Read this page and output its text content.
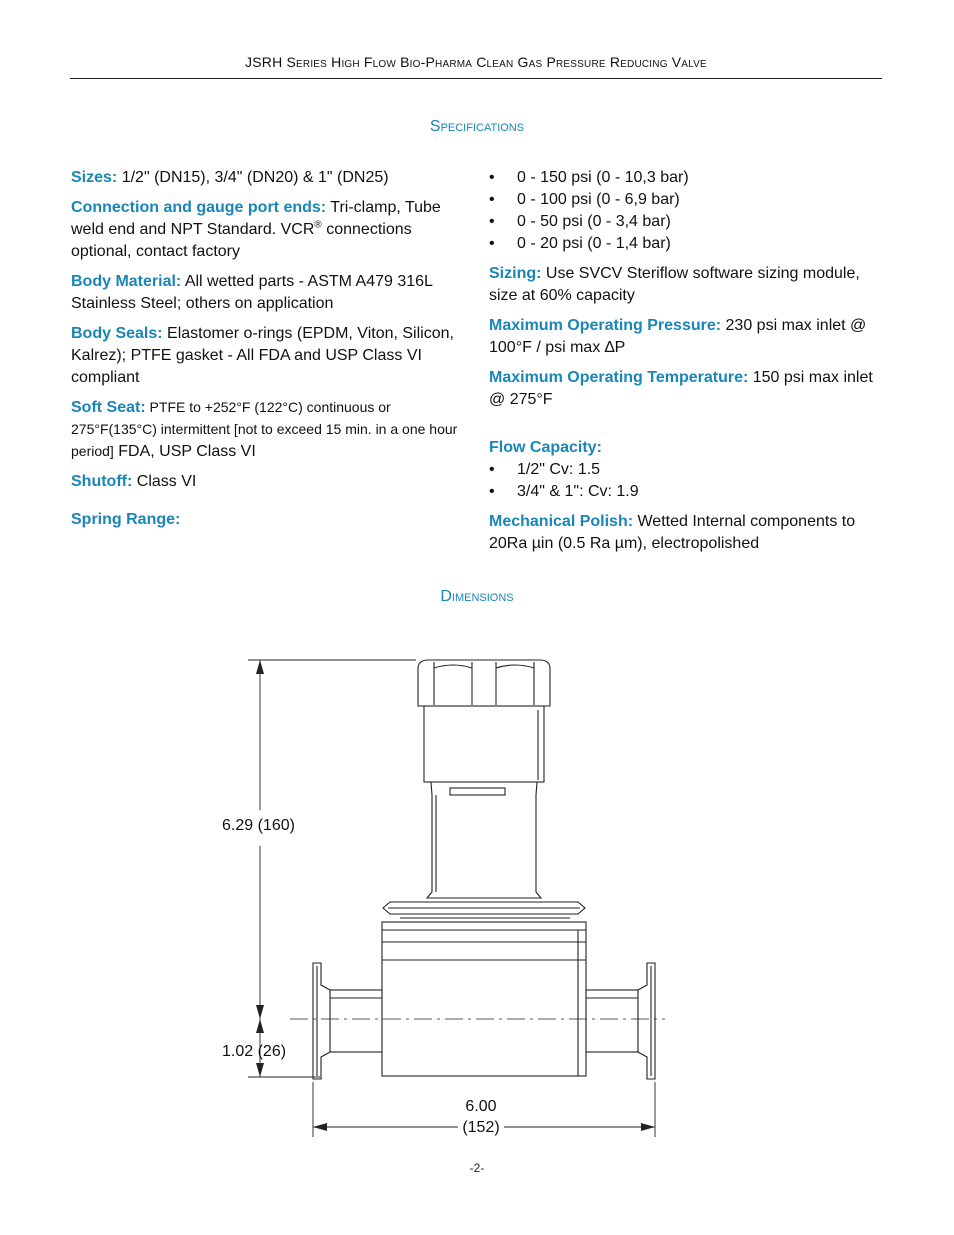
JSRH Series High Flow Bio-Pharma Clean Gas Pressure Reducing Valve
Specifications

Sizes: 1/2" (DN15), 3/4" (DN20) & 1" (DN25)

Connection and gauge port ends: Tri-clamp, Tube weld end and NPT Standard. VCR® connections optional, contact factory

Body Material: All wetted parts - ASTM A479 316L Stainless Steel; others on application

Body Seals: Elastomer o-rings (EPDM, Viton, Silicon, Kalrez); PTFE gasket - All FDA and USP Class VI compliant

Soft Seat: PTFE to +252°F (122°C) continuous or 275°F(135°C) intermittent [not to exceed 15 min. in a one hour period] FDA, USP Class VI

Shutoff: Class VI

Spring Range:

• 0 - 150 psi (0 - 10,3 bar)
• 0 - 100 psi (0 - 6,9 bar)
• 0 - 50 psi (0 - 3,4 bar)
• 0 - 20 psi (0 - 1,4 bar)

Sizing: Use SVCV Steriflow software sizing module, size at 60% capacity

Maximum Operating Pressure: 230 psi max inlet @ 100°F / psi max ∆P

Maximum Operating Temperature: 150 psi max inlet @ 275°F

Flow Capacity:

• 1/2" Cv: 1.5
• 3/4" & 1": Cv: 1.9

Mechanical Polish: Wetted Internal components to 20Ra µin (0.5 Ra µm), electropolished

Dimensions
6.29 (160)
1.02 (26)
6.00
(152)
-2-
